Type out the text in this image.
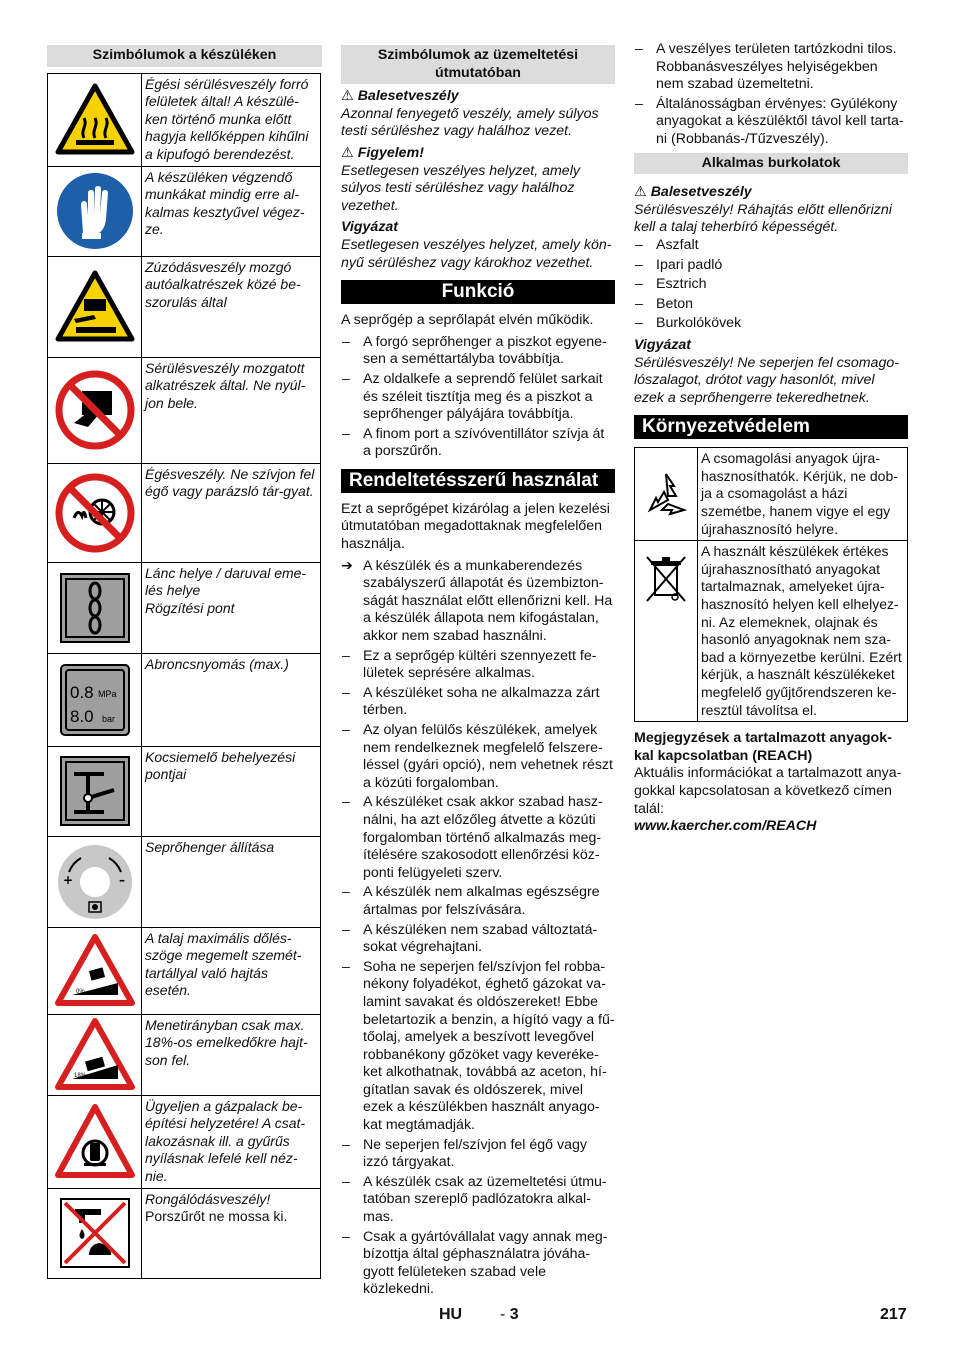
Szimbólumok a készüléken
	Égési sérülésveszély forró felületek által! A készülé-ken történő munka előtt hagyja kellőképpen kihűlni a kipufogó berendezést.

	A készüléken végzendő munkákat mindig erre al-kalmas kesztyűvel végez-ze.

	Zúzódásveszély mozgó autóalkatrészek közé be-szorulás által

	Sérülésveszély mozgatott alkatrészek által. Ne nyúl-jon bele.

	Égésveszély. Ne szívjon fel égő vagy parázsló tár-gyat.

Lánc helye / daruval eme-lés helye
Rögzítési pont

0.8 MPa
8.0 bar	Abroncsnyomás (max.)

	Kocsiemelő behelyezési pontjai

+ –	Seprőhenger állítása

0%	A talaj maximális dőlés-szöge megemelt szemét-tartállyal való hajtás esetén.

18%	Menetirányban csak max. 18%-os emelkedőkre hajt-son fel.

	Ügyeljen a gázpalack be-építési helyzetére! A csat-lakozásnak ill. a gyűrűs nyílásnak lefelé kell néz-nie.

Rongálódásveszély!
Porszűrőt ne mossa ki.
Szimbólumok az üzemeltetési útmutatóban
⚠ Balesetveszély

Azonnal fenyegető veszély, amely súlyos testi sérüléshez vagy halálhoz vezet.

⚠ Figyelem!

Esetlegesen veszélyes helyzet, amely súlyos testi sérüléshez vagy halálhoz vezethet.

Vigyázat

Esetlegesen veszélyes helyzet, amely kön-nyű sérüléshez vagy károkhoz vezethet.

Funkció

A seprőgép a seprőlapát elvén működik.

– A forgó seprőhenger a piszkot egyene-sen a seméttartályba továbbítja.
– Az oldalkefe a seprendő felület sarkait és széleit tisztítja meg és a piszkot a seprőhenger pályájára továbbítja.
– A finom port a szívóventillátor szívja át a porszűrőn.
Rendeltetésszerű használat

Ezt a seprőgépet kizárólag a jelen kezelési útmutatóban megadottaknak megfelelően használja.

➔ A készülék és a munkaberendezés szabályszerű állapotát és üzembizton-ságát használat előtt ellenőrizni kell. Ha a készülék állapota nem kifogástalan, akkor nem szabad használni.
– Ez a seprőgép kültéri szennyezett fe-lületek seprésére alkalmas.
– A készüléket soha ne alkalmazza zárt térben.
– Az olyan felülős készülékek, amelyek nem rendelkeznek megfelelő felszere-léssel (gyári opció), nem vehetnek részt a közúti forgalomban.
– A készüléket csak akkor szabad hasz-nálni, ha azt előzőleg átvette a közúti forgalomban történő alkalmazás meg-ítélésére szakosodott ellenőrzési köz-ponti felügyeleti szerv.
– A készülék nem alkalmas egészségre ártalmas por felszívására.
– A készüléken nem szabad változtatá-sokat végrehajtani.
– Soha ne seperjen fel/szívjon fel robba-nékony folyadékot, éghető gázokat va-lamint savakat és oldószereket! Ebbe beletartozik a benzin, a hígító vagy a fű-tőolaj, amelyek a beszívott levegővel robbanékony gőzöket vagy keveréke-ket alkothatnak, továbbá az aceton, hí-gítatlan savak és oldószerek, mivel ezek a készülékben használt anyago-kat megtámadják.
– Ne seperjen fel/szívjon fel égő vagy izzó tárgyakat.
– A készülék csak az üzemeltetési útmu-tatóban szereplő padlózatokra alkal-mas.
– Csak a gyártóvállalat vagy annak meg-bízottja által géphasználatra jóváha-gyott felületeken szabad vele közlekedni.
– A veszélyes területen tartózkodni tilos. Robbanásveszélyes helyiségekben nem szabad üzemeltetni.
– Általánosságban érvényes: Gyúlékony anyagokat a készüléktől távol kell tarta-ni (Robbanás-/Tűzveszély).
Alkalmas burkolatok
⚠ Balesetveszély

Sérülésveszély! Ráhajtás előtt ellenőrizni kell a talaj teherbíró képességét.

– Aszfalt
– Ipari padló
– Esztrich
– Beton
– Burkolókövek
Vigyázat

Sérülésveszély! Ne seperjen fel csomago-lószalagot, drótot vagy hasonlót, mivel ezek a seprőhengerre tekeredhetnek.

Környezetvédelem
	A csomagolási anyagok újra-hasznosíthatók. Kérjük, ne dob-ja a csomagolást a házi szemétbe, hanem vigye el egy újrahasznosító helyre.

	A használt készülékek értékes újrahasznosítható anyagokat tartalmaznak, amelyeket újra-hasznosító helyen kell elhelyez-ni. Az elemeknek, olajnak és hasonló anyagoknak nem sza-bad a környezetbe kerülni. Ezért kérjük, a használt készülékeket megfelelő gyűjtőrendszeren ke-resztül távolítsa el.

Megjegyzések a tartalmazott anyagok-kal kapcsolatban (REACH)

Aktuális információkat a tartalmazott anya-gokkal kapcsolatosan a következő címen talál:

www.kaercher.com/REACH

HU - 3	217
